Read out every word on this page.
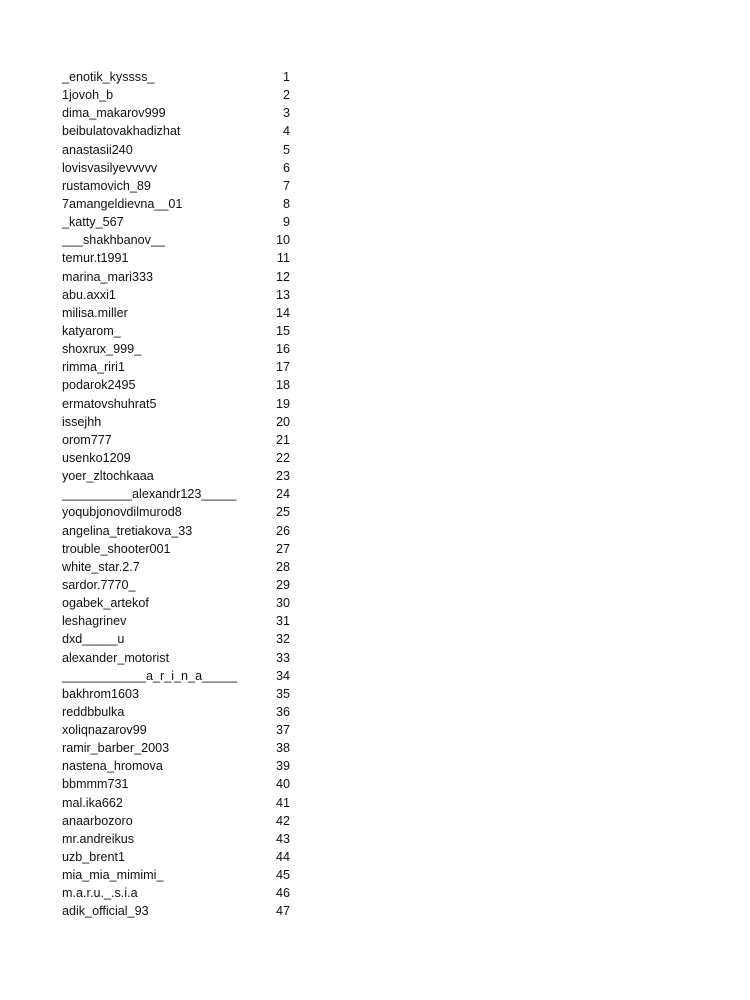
_enotik_kyssss_	1
1jovoh_b	2
dima_makarov999	3
beibulatovakhadizhat	4
anastasii240	5
lovisvasilyevvvvv	6
rustamovich_89	7
7amangeldievna__01	8
_katty_567	9
___shakhbanov__	10
temur.t1991	11
marina_mari333	12
abu.axxi1	13
milisa.miller	14
katyarom_	15
shoxrux_999_	16
rimma_riri1	17
podarok2495	18
ermatovshuhrat5	19
issejhh	20
orom777	21
usenko1209	22
yoer_zltochkaaa	23
__________alexandr123_____	24
yoqubjonovdilmurod8	25
angelina_tretiakova_33	26
trouble_shooter001	27
white_star.2.7	28
sardor.7770_	29
ogabek_artekof	30
leshagrinev	31
dxd_____u	32
alexander_motorist	33
____________a_r_i_n_a_____	34
bakhrom1603	35
reddbbulka	36
xoliqnazarov99	37
ramir_barber_2003	38
nastena_hromova	39
bbmmm731	40
mal.ika662	41
anaarbozoro	42
mr.andreikus	43
uzb_brent1	44
mia_mia_mimimi_	45
m.a.r.u._.s.i.a	46
adik_official_93	47
